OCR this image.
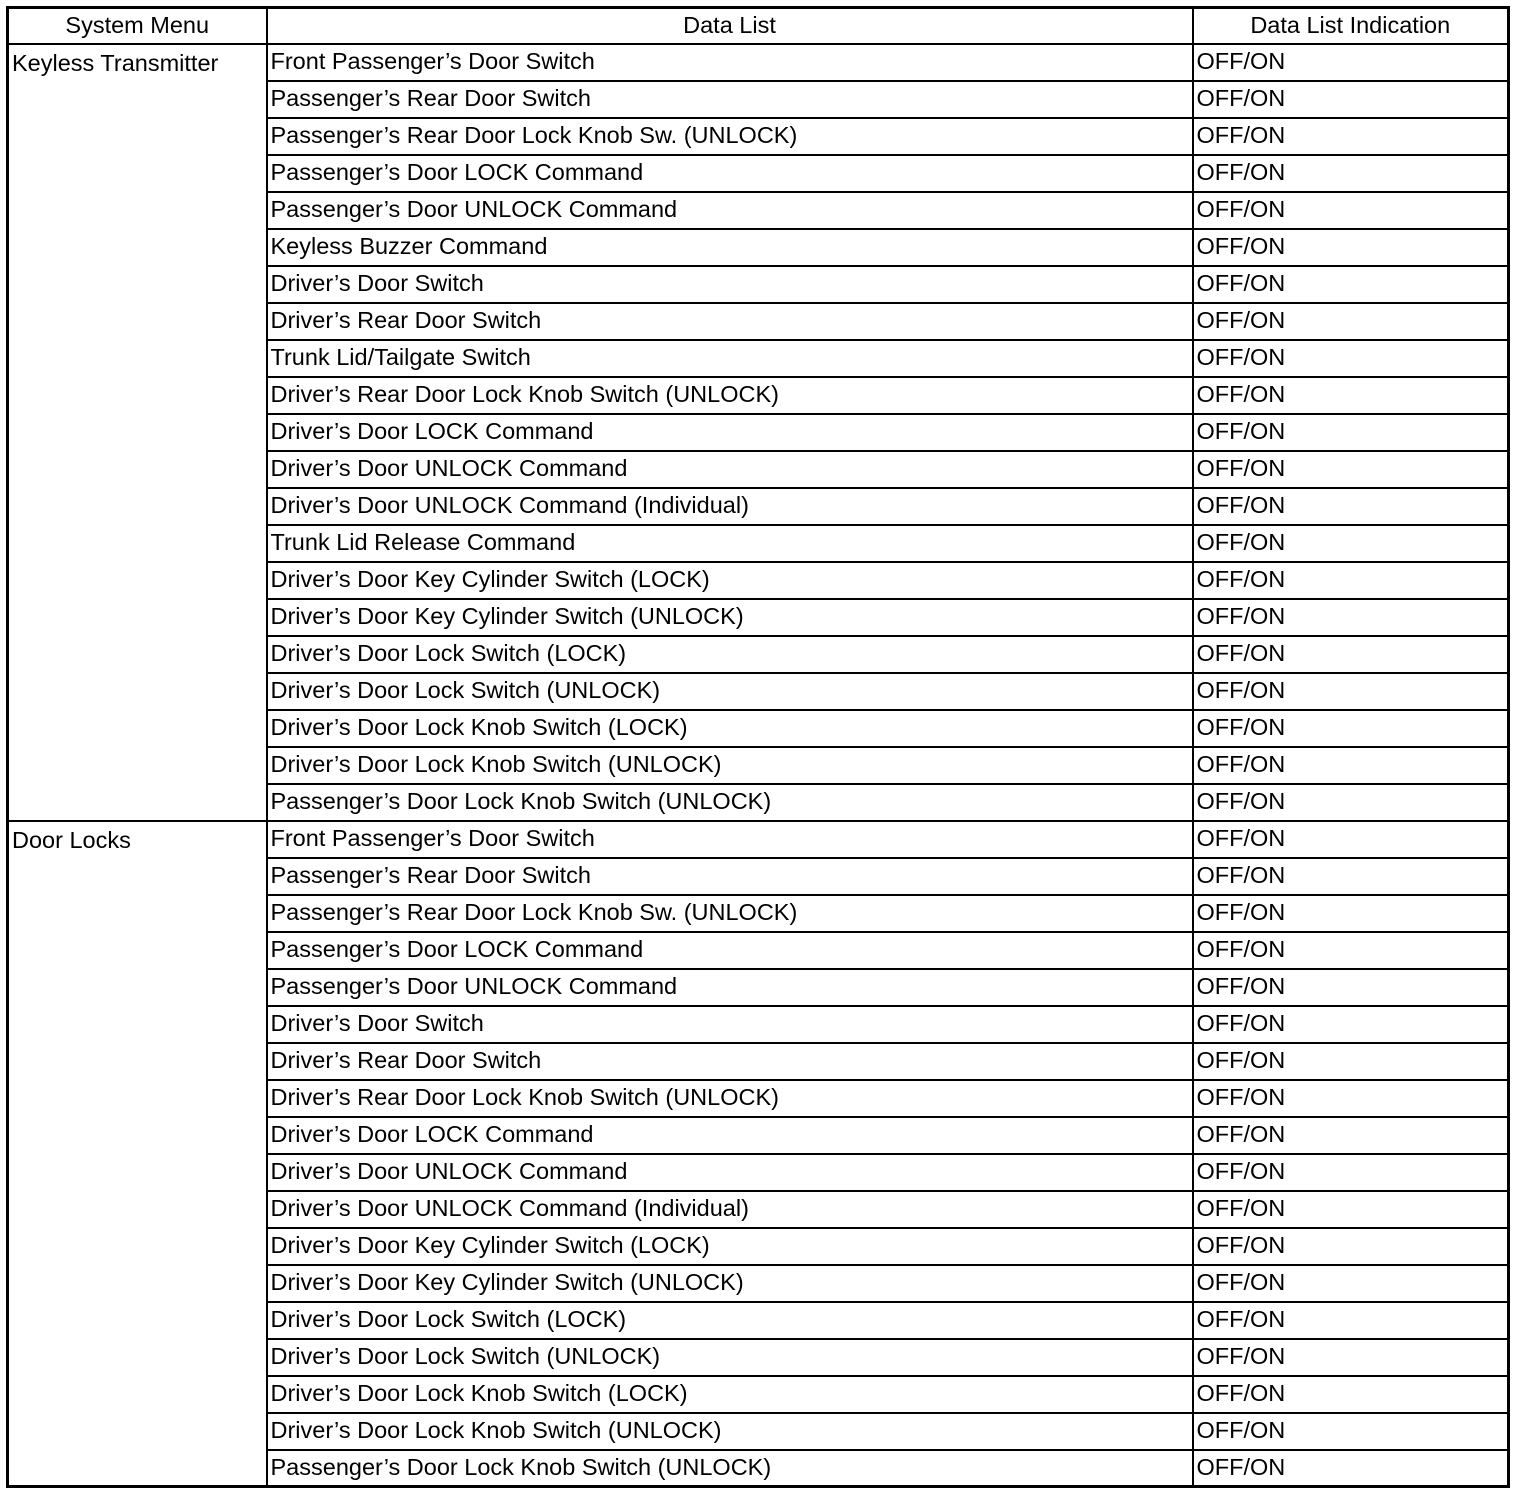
System Menu	Data List	Data List Indication
Keyless Transmitter	Front Passenger’s Door Switch	OFF/ON
	Passenger’s Rear Door Switch	OFF/ON
	Passenger’s Rear Door Lock Knob Sw. (UNLOCK)	OFF/ON
	Passenger’s Door LOCK Command	OFF/ON
	Passenger’s Door UNLOCK Command	OFF/ON
	Keyless Buzzer Command	OFF/ON
	Driver’s Door Switch	OFF/ON
	Driver’s Rear Door Switch	OFF/ON
	Trunk Lid/Tailgate Switch	OFF/ON
	Driver’s Rear Door Lock Knob Switch (UNLOCK)	OFF/ON
	Driver’s Door LOCK Command	OFF/ON
	Driver’s Door UNLOCK Command	OFF/ON
	Driver’s Door UNLOCK Command (Individual)	OFF/ON
	Trunk Lid Release Command	OFF/ON
	Driver’s Door Key Cylinder Switch (LOCK)	OFF/ON
	Driver’s Door Key Cylinder Switch (UNLOCK)	OFF/ON
	Driver’s Door Lock Switch (LOCK)	OFF/ON
	Driver’s Door Lock Switch (UNLOCK)	OFF/ON
	Driver’s Door Lock Knob Switch (LOCK)	OFF/ON
	Driver’s Door Lock Knob Switch (UNLOCK)	OFF/ON
	Passenger’s Door Lock Knob Switch (UNLOCK)	OFF/ON
Door Locks	Front Passenger’s Door Switch	OFF/ON
	Passenger’s Rear Door Switch	OFF/ON
	Passenger’s Rear Door Lock Knob Sw. (UNLOCK)	OFF/ON
	Passenger’s Door LOCK Command	OFF/ON
	Passenger’s Door UNLOCK Command	OFF/ON
	Driver’s Door Switch	OFF/ON
	Driver’s Rear Door Switch	OFF/ON
	Driver’s Rear Door Lock Knob Switch (UNLOCK)	OFF/ON
	Driver’s Door LOCK Command	OFF/ON
	Driver’s Door UNLOCK Command	OFF/ON
	Driver’s Door UNLOCK Command (Individual)	OFF/ON
	Driver’s Door Key Cylinder Switch (LOCK)	OFF/ON
	Driver’s Door Key Cylinder Switch (UNLOCK)	OFF/ON
	Driver’s Door Lock Switch (LOCK)	OFF/ON
	Driver’s Door Lock Switch (UNLOCK)	OFF/ON
	Driver’s Door Lock Knob Switch (LOCK)	OFF/ON
	Driver’s Door Lock Knob Switch (UNLOCK)	OFF/ON
	Passenger’s Door Lock Knob Switch (UNLOCK)	OFF/ON
